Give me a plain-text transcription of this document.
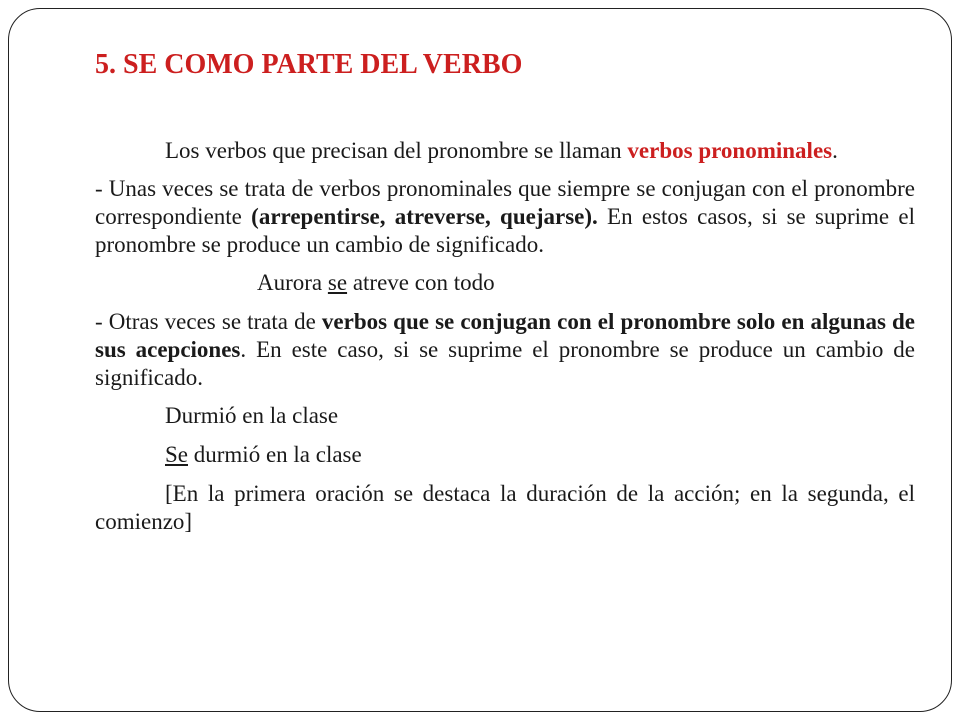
5. SE COMO PARTE DEL VERBO

Los verbos que precisan del pronombre se llaman verbos pronominales.

- Unas veces se trata de verbos pronominales que siempre se conjugan con el pronombre correspondiente (arrepentirse, atreverse, quejarse). En estos casos, si se suprime el pronombre se produce un cambio de significado.

Aurora se atreve con todo

- Otras veces se trata de verbos que se conjugan con el pronombre solo en algunas de sus acepciones. En este caso, si se suprime el pronombre se produce un cambio de significado.

Durmió en la clase

Se durmió en la clase

[En la primera oración se destaca la duración de la acción; en la segunda, el comienzo]
